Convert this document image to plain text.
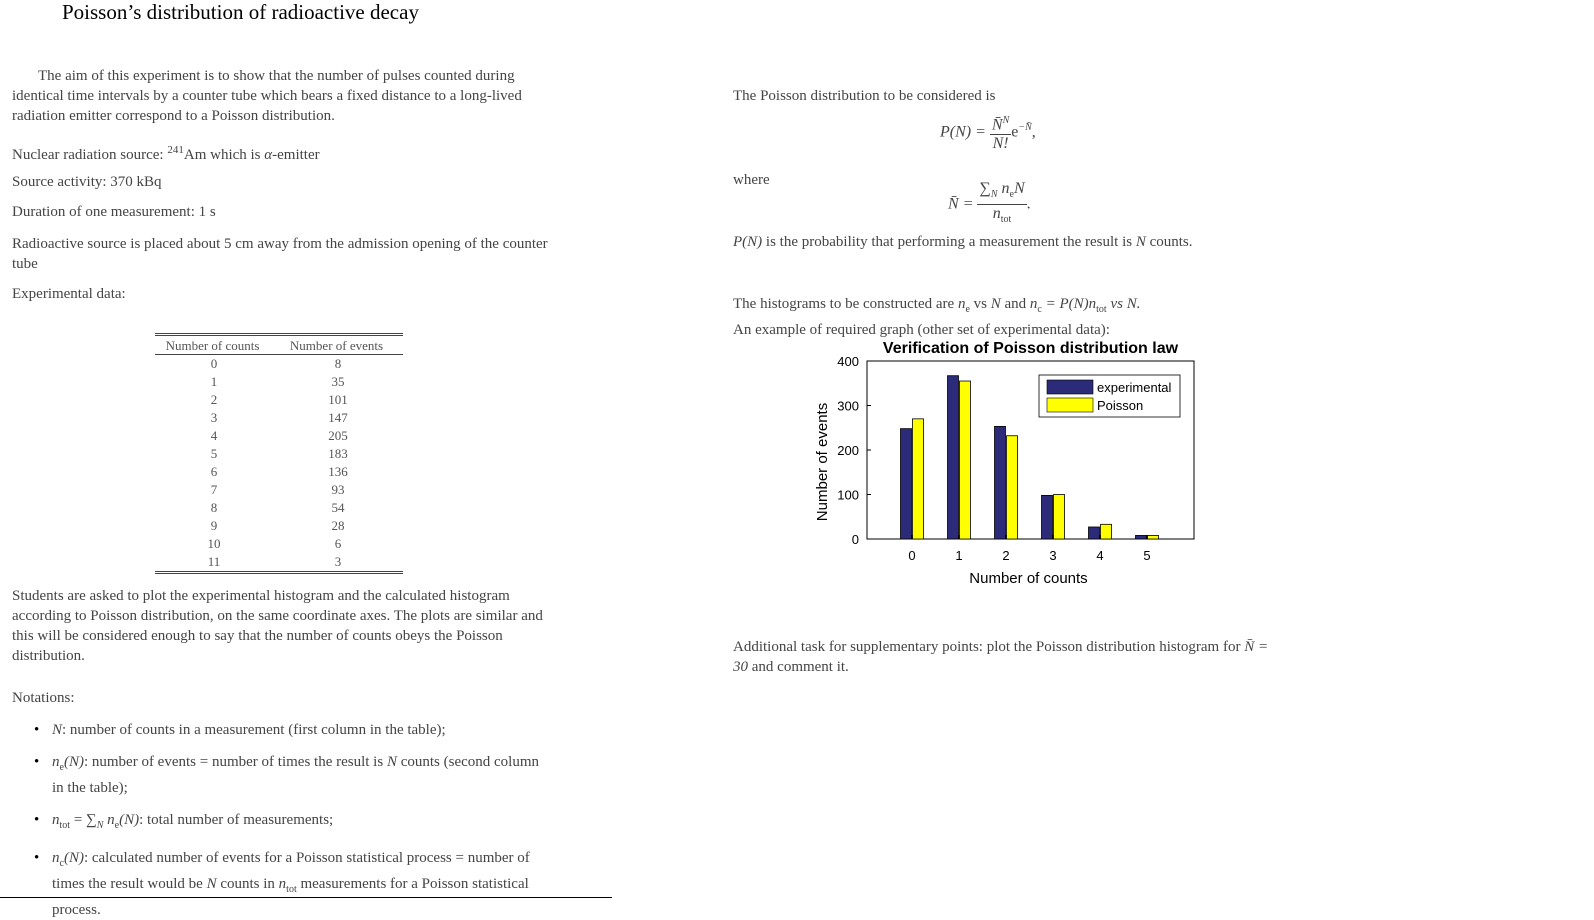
Poisson’s distribution of radioactive decay

The aim of this experiment is to show that the number of pulses counted during identical time intervals by a counter tube which bears a fixed distance to a long-lived radiation emitter correspond to a Poisson distribution.

Nuclear radiation source: $^{241}$Am which is α-emitter

Source activity: 370 kBq

Duration of one measurement: 1 s

Radioactive source is placed about 5 cm away from the admission opening of the counter tube

Experimental data:

Number of counts	Number of events
0	8
1	35
2	101
3	147
4	205
5	183
6	136
7	93
8	54
9	28
10	6
11	3

Students are asked to plot the experimental histogram and the calculated histogram according to Poisson distribution, on the same coordinate axes. The plots are similar and this will be considered enough to say that the number of counts obeys the Poisson distribution.

Notations:

• N: number of counts in a measurement (first column in the table);
• $n_e(N)$: number of events = number of times the result is N counts (second column in the table);
• $n_{tot} = \sum_N$ $n_e(N)$: total number of measurements;
• $n_c(N)$: calculated number of events for a Poisson statistical process = number of times the result would be N counts in $n_{tot}$ measurements for a Poisson statistical process.

The Poisson distribution to be considered is

$P(N) = \frac{N̄^N}{N!} e^{-N̄}$,

where

N̄ = $\frac{\sum_N n_eN}{n_{tot}}$ .

P(N) is the probability that performing a measurement the result is N counts.

The histograms to be constructed are $n_e$ vs N and $n_c = P(N)n_{tot}$ vs N.
An example of required graph (other set of experimental data):

Verification of Poisson distribution law
0
100
200
300
400
0	1	2	3	4	5
Number of counts
Number of events
experimental
Poisson

Additional task for supplementary points: plot the Poisson distribution histogram for N̄ = 30 and comment it.
